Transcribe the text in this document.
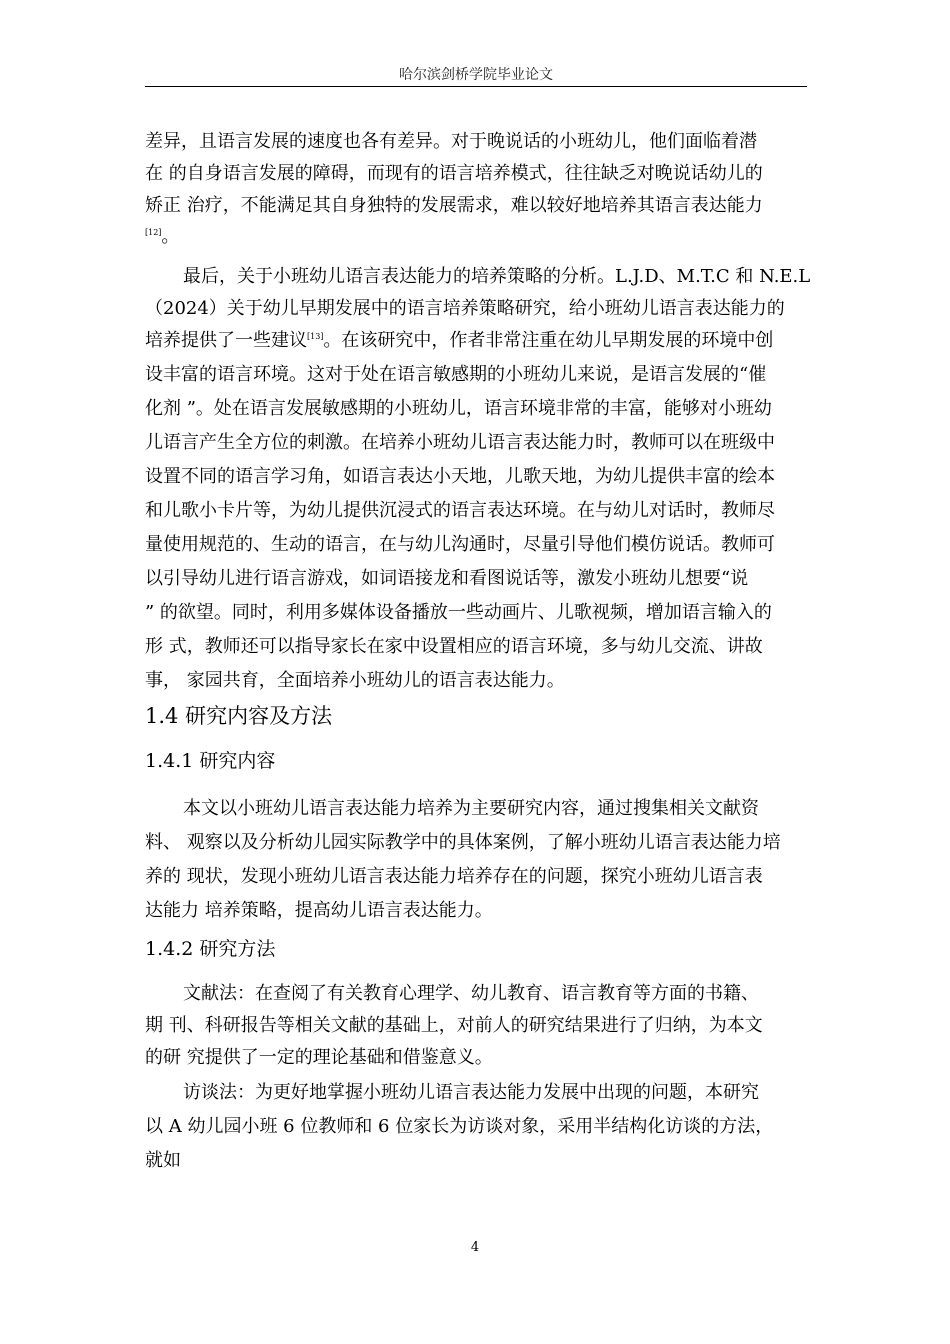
哈尔滨剑桥学院毕业论文
差异，且语言发展的速度也各有差异。对于晚说话的小班幼儿，他们面临着潜
在 的自身语言发展的障碍，而现有的语言培养模式，往往缺乏对晚说话幼儿的
矫正 治疗，不能满足其自身独特的发展需求，难以较好地培养其语言表达能力
[12]。
最后，关于小班幼儿语言表达能力的培养策略的分析。L.J.D、M.T.C 和 N.E.L
（2024）关于幼儿早期发展中的语言培养策略研究，给小班幼儿语言表达能力的
培养提供了一些建议[13]。在该研究中，作者非常注重在幼儿早期发展的环境中创
设丰富的语言环境。这对于处在语言敏感期的小班幼儿来说，是语言发展的“催
化剂 ”。处在语言发展敏感期的小班幼儿，语言环境非常的丰富，能够对小班幼
儿语言产生全方位的刺激。在培养小班幼儿语言表达能力时，教师可以在班级中
设置不同的语言学习角，如语言表达小天地，儿歌天地，为幼儿提供丰富的绘本
和儿歌小卡片等，为幼儿提供沉浸式的语言表达环境。在与幼儿对话时，教师尽
量使用规范的、生动的语言，在与幼儿沟通时，尽量引导他们模仿说话。教师可
以引导幼儿进行语言游戏，如词语接龙和看图说话等，激发小班幼儿想要“说
” 的欲望。同时，利用多媒体设备播放一些动画片、儿歌视频，增加语言输入的
形 式，教师还可以指导家长在家中设置相应的语言环境，多与幼儿交流、讲故
事， 家园共育，全面培养小班幼儿的语言表达能力。
1.4 研究内容及方法
1.4.1 研究内容
本文以小班幼儿语言表达能力培养为主要研究内容，通过搜集相关文献资
料、 观察以及分析幼儿园实际教学中的具体案例，了解小班幼儿语言表达能力培
养的 现状，发现小班幼儿语言表达能力培养存在的问题，探究小班幼儿语言表
达能力 培养策略，提高幼儿语言表达能力。
1.4.2 研究方法
文献法：在查阅了有关教育心理学、幼儿教育、语言教育等方面的书籍、
期 刊、科研报告等相关文献的基础上，对前人的研究结果进行了归纳，为本文
的研 究提供了一定的理论基础和借鉴意义。
访谈法：为更好地掌握小班幼儿语言表达能力发展中出现的问题，本研究
以 A 幼儿园小班 6 位教师和 6 位家长为访谈对象，采用半结构化访谈的方法，
就如
4
